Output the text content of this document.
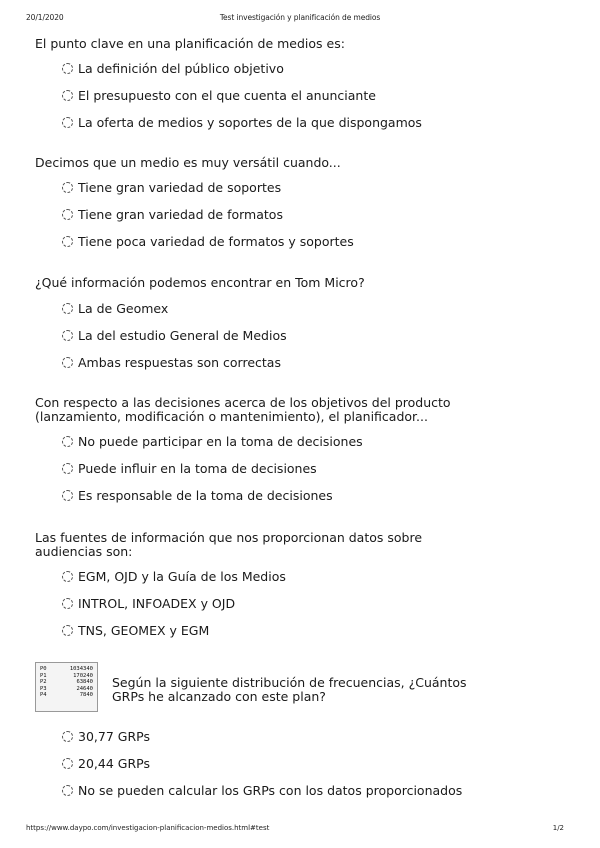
20/1/2020	Test investigación y planificación de medios
El punto clave en una planificación de medios es:
La definición del público objetivo
El presupuesto con el que cuenta el anunciante
La oferta de medios y soportes de la que dispongamos
Decimos que un medio es muy versátil cuando...
Tiene gran variedad de soportes
Tiene gran variedad de formatos
Tiene poca variedad de formatos y soportes
¿Qué información podemos encontrar en Tom Micro?
La de Geomex
La del estudio General de Medios
Ambas respuestas son correctas
Con respecto a las decisiones acerca de los objetivos del producto (lanzamiento, modificación o mantenimiento), el planificador...
No puede participar en la toma de decisiones
Puede influir en la toma de decisiones
Es responsable de la toma de decisiones
Las fuentes de información que nos proporcionan datos sobre audiencias son:
EGM, OJD y la Guía de los Medios
INTROL, INFOADEX y OJD
TNS, GEOMEX y EGM
P0	1034340
P1	170240
P2	63840
P3	24640
P4	7840
Según la siguiente distribución de frecuencias, ¿Cuántos GRPs he alcanzado con este plan?
30,77 GRPs
20,44 GRPs
No se pueden calcular los GRPs con los datos proporcionados
https://www.daypo.com/investigacion-planificacion-medios.html#test	1/2
